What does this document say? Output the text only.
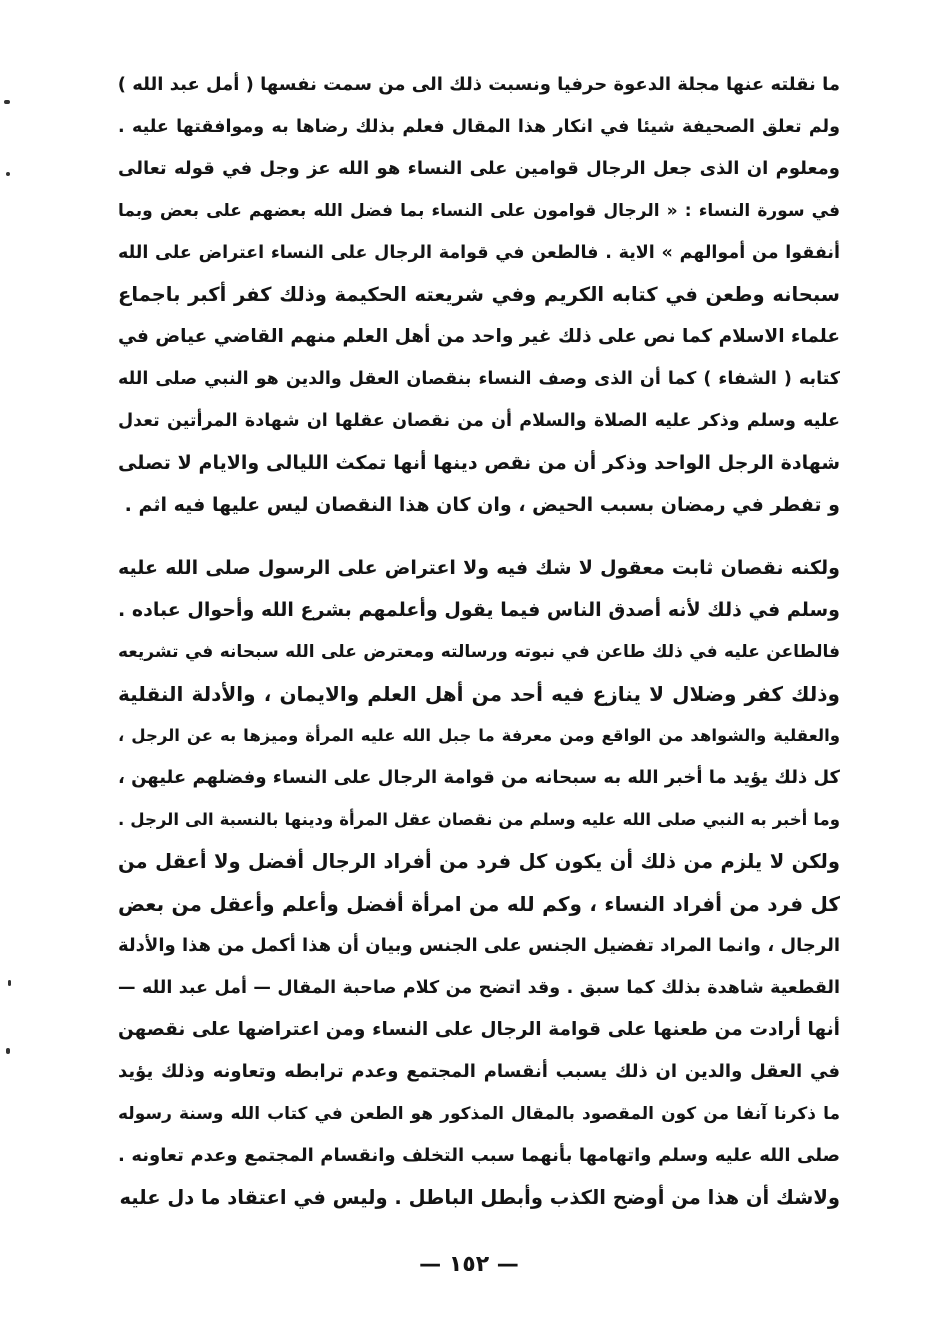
ما نقلته عنها مجلة الدعوة حرفيا ونسبت ذلك الى من سمت نفسها ( أمل عبد الله )
ولم تعلق الصحيفة شيئا في انكار هذا المقال فعلم بذلك رضاها به وموافقتها عليه .
ومعلوم ان الذى جعل الرجال قوامين على النساء هو الله عز وجل في قوله تعالى
في سورة النساء : « الرجال قوامون على النساء بما فضل الله بعضهم على بعض وبما
أنفقوا من أموالهم » الاية . فالطعن في قوامة الرجال على النساء اعتراض على الله
سبحانه وطعن في كتابه الكريم وفي شريعته الحكيمة وذلك كفر أكبر باجماع
علماء الاسلام كما نص على ذلك غير واحد من أهل العلم منهم القاضي عياض في
كتابه ( الشفاء ) كما أن الذى وصف النساء بنقصان العقل والدين هو النبي صلى الله
عليه وسلم وذكر عليه الصلاة والسلام أن من نقصان عقلها ان شهادة المرأتين تعدل
شهادة الرجل الواحد وذكر أن من نقص دينها أنها تمكث الليالى والايام لا تصلى
و تفطر في رمضان بسبب الحيض ، وان كان هذا النقصان ليس عليها فيه اثم .
ولكنه نقصان ثابت معقول لا شك فيه ولا اعتراض على الرسول صلى الله عليه
وسلم في ذلك لأنه أصدق الناس فيما يقول وأعلمهم بشرع الله وأحوال عباده .
فالطاعن عليه في ذلك طاعن في نبوته ورسالته ومعترض على الله سبحانه في تشريعه
وذلك كفر وضلال لا ينازع فيه أحد من أهل العلم والايمان ، والأدلة النقلية
والعقلية والشواهد من الواقع ومن معرفة ما جبل الله عليه المرأة وميزها به عن الرجل ،
كل ذلك يؤيد ما أخبر الله به سبحانه من قوامة الرجال على النساء وفضلهم عليهن ،
وما أخبر به النبي صلى الله عليه وسلم من نقصان عقل المرأة ودينها بالنسبة الى الرجل .
ولكن لا يلزم من ذلك أن يكون كل فرد من أفراد الرجال أفضل ولا أعقل من
كل فرد من أفراد النساء ، وكم لله من امرأة أفضل وأعلم وأعقل من بعض
الرجال ، وانما المراد تفضيل الجنس على الجنس وبيان أن هذا أكمل من هذا والأدلة
القطعية شاهدة بذلك كما سبق . وقد اتضح من كلام صاحبة المقال — أمل عبد الله —
أنها أرادت من طعنها على قوامة الرجال على النساء ومن اعتراضها على نقصهن
في العقل والدين ان ذلك يسبب أنقسام المجتمع وعدم ترابطه وتعاونه وذلك يؤيد
ما ذكرنا آنفا من كون المقصود بالمقال المذكور هو الطعن في كتاب الله وسنة رسوله
صلى الله عليه وسلم واتهامها بأنهما سبب التخلف وانقسام المجتمع وعدم تعاونه .
ولاشك أن هذا من أوضح الكذب وأبطل الباطل . وليس في اعتقاد ما دل عليه
— ١٥٢ —
